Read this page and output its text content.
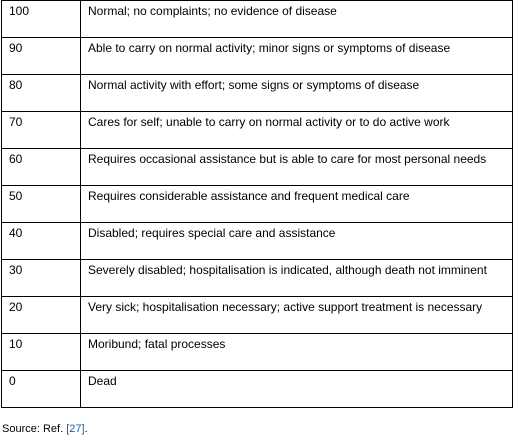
100	Normal; no complaints; no evidence of disease

90	Able to carry on normal activity; minor signs or symptoms of disease

80	Normal activity with effort; some signs or symptoms of disease

70	Cares for self; unable to carry on normal activity or to do active work

60	Requires occasional assistance but is able to care for most personal needs

50	Requires considerable assistance and frequent medical care

40	Disabled; requires special care and assistance

30	Severely disabled; hospitalisation is indicated, although death not imminent

20	Very sick; hospitalisation necessary; active support treatment is necessary

10	Moribund; fatal processes

0	Dead
Source: Ref. [27].
